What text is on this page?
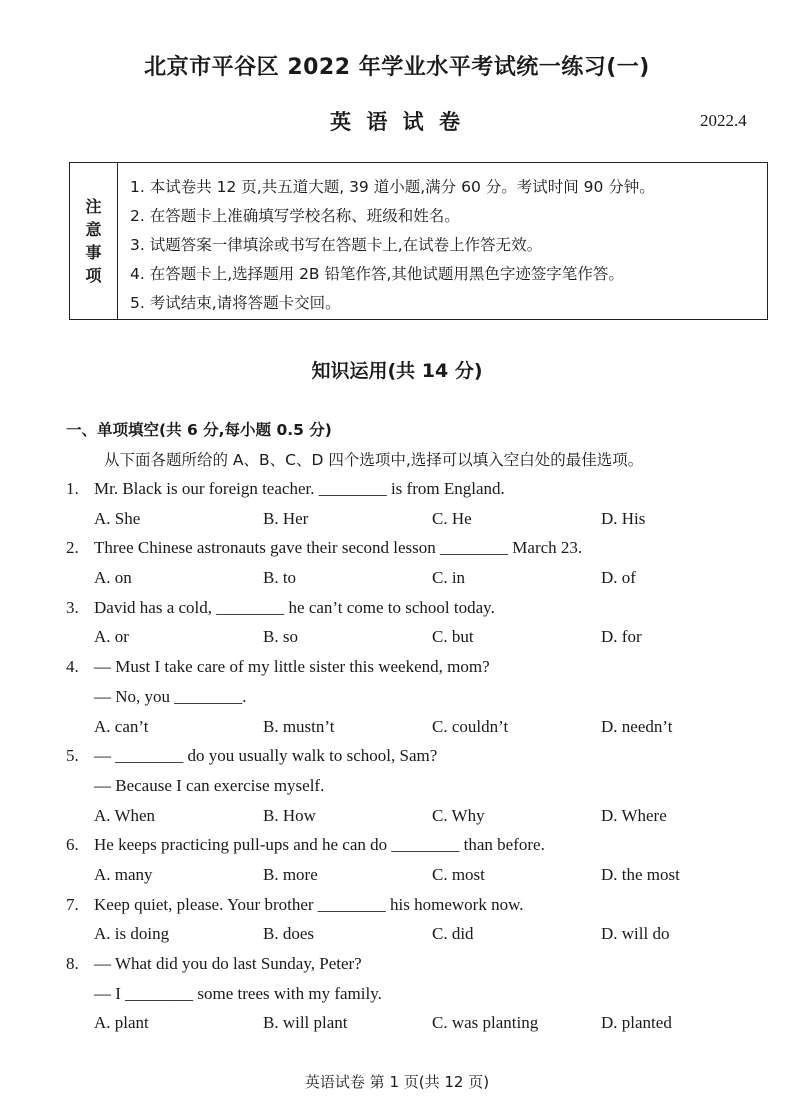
北京市平谷区 2022 年学业水平考试统一练习(一)
英 语 试 卷	2022.4
注
意
事
项
1. 本试卷共 12 页,共五道大题, 39 道小题,满分 60 分。考试时间 90 分钟。
2. 在答题卡上准确填写学校名称、班级和姓名。
3. 试题答案一律填涂或书写在答题卡上,在试卷上作答无效。
4. 在答题卡上,选择题用 2B 铅笔作答,其他试题用黑色字迹签字笔作答。
5. 考试结束,请将答题卡交回。
知识运用(共 14 分)
一、单项填空(共 6 分,每小题 0.5 分)
从下面各题所给的 A、B、C、D 四个选项中,选择可以填入空白处的最佳选项。
1. Mr. Black is our foreign teacher. ________ is from England.
A. She	B. Her	C. He	D. His
2. Three Chinese astronauts gave their second lesson ________ March 23.
A. on	B. to	C. in	D. of
3. David has a cold, ________ he can’t come to school today.
A. or	B. so	C. but	D. for
4. — Must I take care of my little sister this weekend, mom?
— No, you ________.
A. can’t	B. mustn’t	C. couldn’t	D. needn’t
5. — ________ do you usually walk to school, Sam?
— Because I can exercise myself.
A. When	B. How	C. Why	D. Where
6. He keeps practicing pull-ups and he can do ________ than before.
A. many	B. more	C. most	D. the most
7. Keep quiet, please. Your brother ________ his homework now.
A. is doing	B. does	C. did	D. will do
8. — What did you do last Sunday, Peter?
— I ________ some trees with my family.
A. plant	B. will plant	C. was planting	D. planted
英语试卷 第 1 页(共 12 页)
